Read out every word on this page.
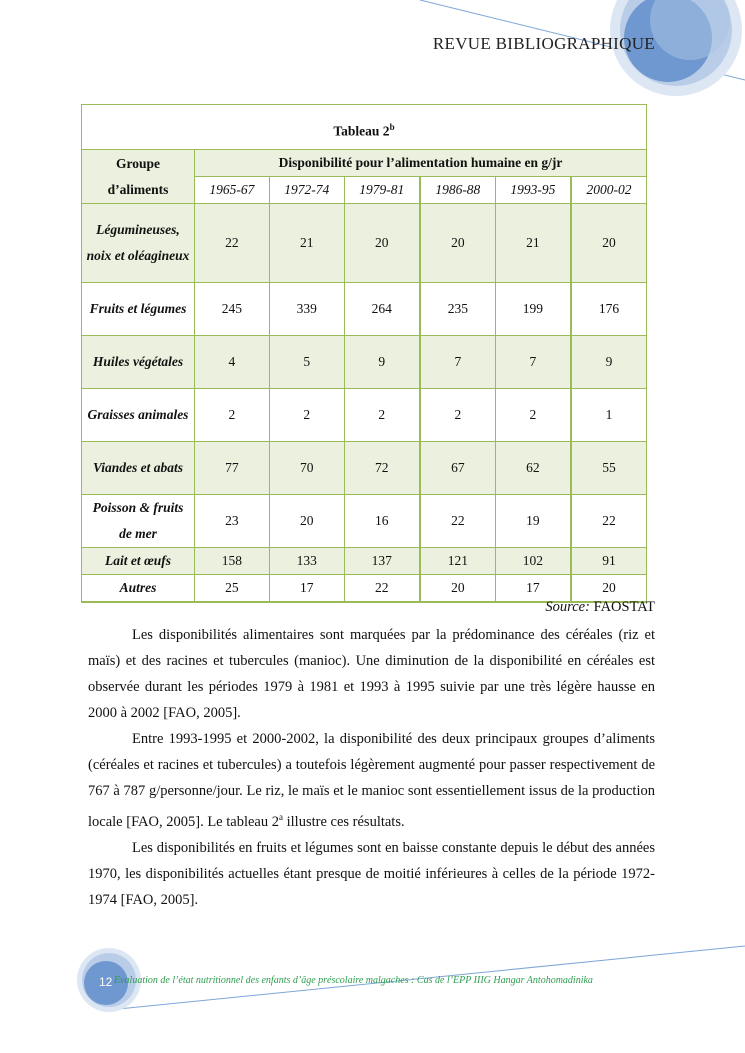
REVUE BIBLIOGRAPHIQUE
Tableau 2$^b$
Groupe d’aliments	Disponibilité pour l’alimentation humaine en g/jr					
	1965-67	1972-74	1979-81	1986-88	1993-95	2000-02
Légumineuses, noix et oléagineux	22	21	20	20	21	20
Fruits et légumes	245	339	264	235	199	176
Huiles végétales	4	5	9	7	7	9
Graisses animales	2	2	2	2	2	1
Viandes et abats	77	70	72	67	62	55
Poisson & fruits de mer	23	20	16	22	19	22
Lait et œufs	158	133	137	121	102	91
Autres	25	17	22	20	17	20
Source: FAOSTAT

Les disponibilités alimentaires sont marquées par la prédominance des céréales (riz et maïs) et des racines et tubercules (manioc). Une diminution de la disponibilité en céréales est observée durant les périodes 1979 à 1981 et 1993 à 1995 suivie par une très légère hausse en 2000 à 2002 [FAO, 2005].

Entre 1993-1995 et 2000-2002, la disponibilité des deux principaux groupes d’aliments (céréales et racines et tubercules) a toutefois légèrement augmenté pour passer respectivement de 767 à 787 g/personne/jour. Le riz, le maïs et le manioc sont essentiellement issus de la production locale [FAO, 2005]. Le tableau 2$^a$ illustre ces résultats.

Les disponibilités en fruits et légumes sont en baisse constante depuis le début des années 1970, les disponibilités actuelles étant presque de moitié inférieures à celles de la période 1972-1974 [FAO, 2005].

12 Evaluation de l’état nutritionnel des enfants d’âge préscolaire malgaches : Cas de l’EPP IIIG Hangar Antohomadinika
